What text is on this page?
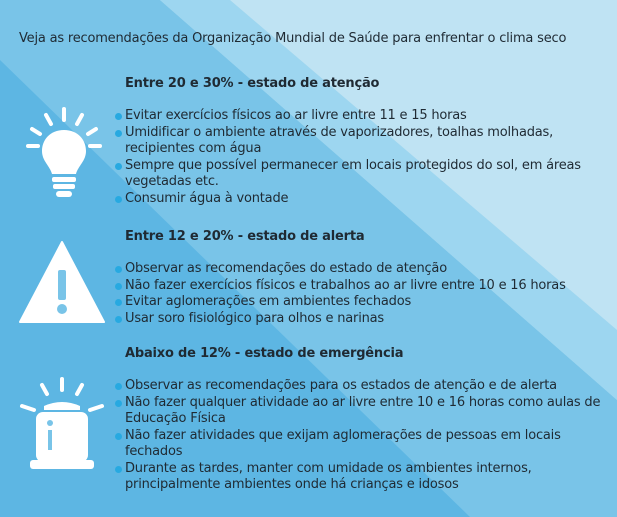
Veja as recomendações da Organização Mundial de Saúde para enfrentar o clima seco
Entre 20 e 30% - estado de atenção
Evitar exercícios físicos ao ar livre entre 11 e 15 horas
Umidificar o ambiente através de vaporizadores, toalhas molhadas, recipientes com água
Sempre que possível permanecer em locais protegidos do sol, em áreas vegetadas etc.
Consumir água à vontade
Entre 12 e 20% - estado de alerta
Observar as recomendações do estado de atenção
Não fazer exercícios físicos e trabalhos ao ar livre entre 10 e 16 horas
Evitar aglomerações em ambientes fechados
Usar soro fisiológico para olhos e narinas
Abaixo de 12% - estado de emergência
Observar as recomendações para os estados de atenção e de alerta
Não fazer qualquer atividade ao ar livre entre 10 e 16 horas como aulas de Educação Física
Não fazer atividades que exijam aglomerações de pessoas em locais fechados
Durante as tardes, manter com umidade os ambientes internos, principalmente ambientes onde há crianças e idosos
